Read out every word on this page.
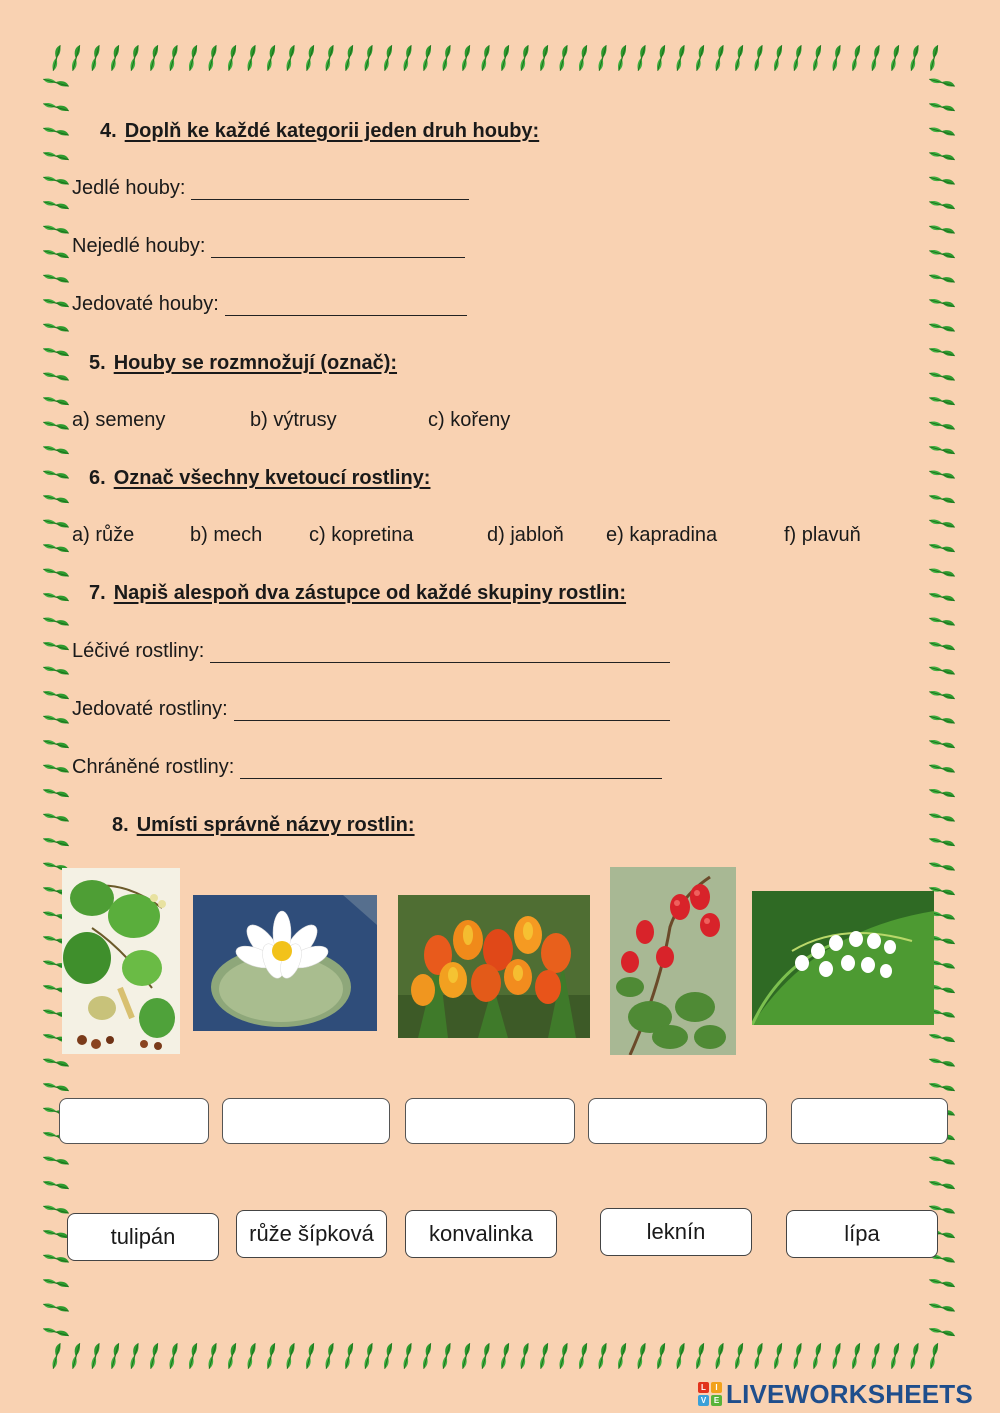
4. Doplň ke každé kategorii jeden druh houby:
Jedlé houby:
Nejedlé houby:
Jedovaté houby:
5. Houby se rozmnožují (označ):
a) semeny	b) výtrusy	c) kořeny
6. Označ všechny kvetoucí rostliny:
a) růže	b) mech c) kopretina	d) jabloň e) kapradina	f) plavuň
7. Napiš alespoň dva zástupce od každé skupiny rostlin:
Léčivé rostliny:
Jedovaté rostliny:
Chráněné rostliny:
8. Umísti správně názvy rostlin:
tulipán	růže šípková	konvalinka	leknín	lípa
L	I
V E LIVEWORKSHEETS
